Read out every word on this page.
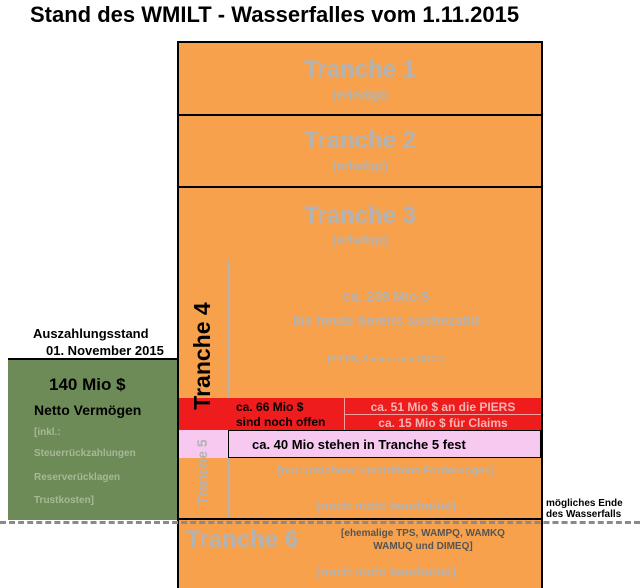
Stand des WMILT - Wasserfalles vom 1.11.2015
Tranche 1
(erledigt)
Tranche 2
(erledigt)
Tranche 3
(erledigt)
ca. 238 Mio $
bis heute bereits ausbezahlt
[PIERS, Seniors und GUCs]
ca. 66 Mio $
sind noch offen
ca. 51 Mio $ an die PIERS
ca. 15 Mio $ für Claims
Tranche 4
ca. 40 Mio stehen in Tranche 5 fest
[nur unsichere/ umstrittene Forderungen]
(noch nicht bearbeitet)
Tranche 5
Tranche 6	[ehemalige TPS, WAMPQ, WAMKQ
WAMUQ und DIMEQ]
(noch nicht bearbeitet)
Auszahlungsstand
01. November 2015
140 Mio $
Netto Vermögen
[inkl.:
Steuerrückzahlungen
Reserverücklagen
Trustkosten]	mögliches Ende
des Wasserfalls
